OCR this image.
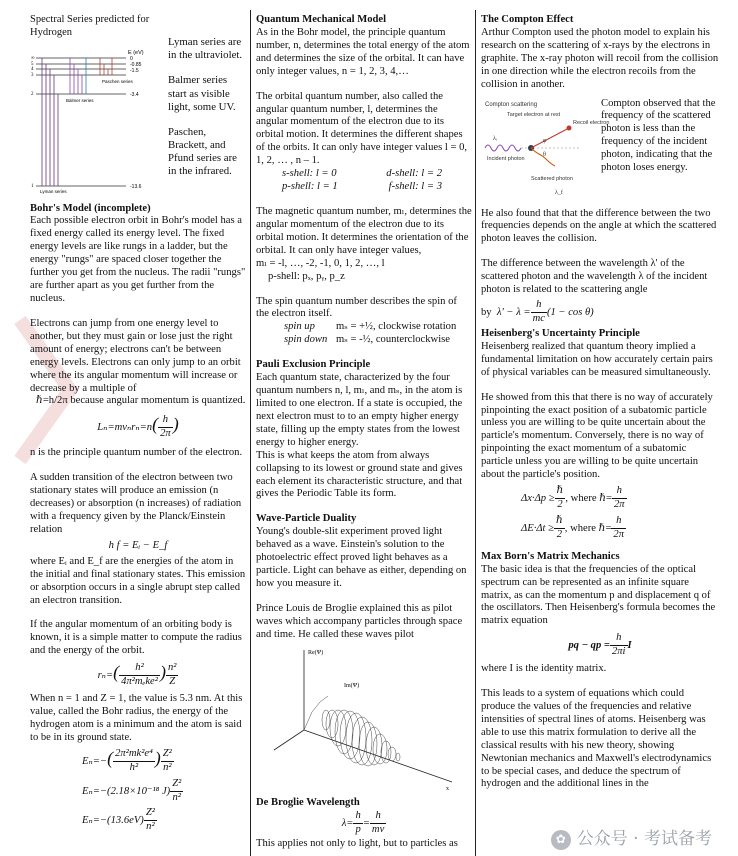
Spectral Series predicted for Hydrogen

E (eV)
0
-0.85
-1.5
-3.4
-13.6
∞
5
4
3
2
1
Paschen series
Balmer series
Lyman series

Lyman series are in the ultraviolet.

Balmer series start as visible light, some UV.

Paschen, Brackett, and Pfund series are in the infrared.

Bohr's Model (incomplete)

Each possible electron orbit in Bohr's model has a fixed energy called its energy level. The fixed energy levels are like rungs in a ladder, but the energy "rungs" are spaced closer together the further you get from the nucleus. The radii "rungs" are further apart as you get further from the nucleus.

Electrons can jump from one energy level to another, but they must gain or lose just the right amount of energy; electrons can't be between energy levels. Electrons can only jump to an orbit where the its angular momentum will increase or decrease by a multiple of

ℏ=h/2π because angular momentum is quantized.

$L_n=mv_nr_n=n( \frac{h}{2\pi}$ )

n is the principle quantum number of the electron.

A sudden transition of the electron between two stationary states will produce an emission (n decreases) or absorption (n increases) of radiation with a frequency given by the Planck/Einstein relation

h f = Eᵢ − E_f

where Eᵢ and E_f are the energies of the atom in the initial and final stationary states. This emission or absorption occurs in a single abrupt step called an electron transition.

If the angular momentum of an orbiting body is known, it is a simple matter to compute the radius and the energy of the orbit.

$r_n=( \frac{\text{h²}}{\text{4π²mₑke²}}$ ) $\frac{\text{n²}}{Z}$

When n = 1 and Z = 1, the value is 5.3 nm. At this value, called the Bohr radius, the energy of the hydrogen atom is a minimum and the atom is said to be in its ground state.

$E_n=-( \frac{\text{2π²mk²e⁴}}{\text{h²}}$ ) $\frac{\text{Z²}}{\text{n²}}$
Eₙ=−(2.18×10⁻¹⁸ $J) \frac{\text{Z²}}{\text{n²}}$
$E_n=-(13.6eV) \frac{\text{Z²}}{\text{n²}}$

Quantum Mechanical Model

As in the Bohr model, the principle quantum number, n, determines the total energy of the atom and determines the size of the orbital. It can have only integer values, n = 1, 2, 3, 4,…

The orbital quantum number, also called the angular quantum number, l, determines the angular momentum of the electron due to its orbital motion. It determines the different shapes of the orbits. It can only have integer values l = 0, 1, 2, … , n – 1.

s-shell: l = 0	d-shell: l = 2
p-shell: l = 1	f-shell: l = 3

The magnetic quantum number, mₗ, determines the angular momentum of the electron due to its orbital motion. It determines the orientation of the orbital. It can only have integer values,

mₗ = -l, …, -2, -1, 0, 1, 2, …, l

p-shell: pₓ, pᵧ, p_z

The spin quantum number describes the spin of the electron itself.

spin up	mₛ = +½, clockwise rotation
spin down mₛ = -½, counterclockwise

Pauli Exclusion Principle

Each quantum state, characterized by the four quantum numbers n, l, mₗ, and mₛ, in the atom is limited to one electron. If a state is occupied, the next electron must to to an empty higher energy state, filling up the empty states from the lowest energy to higher energy.

This is what keeps the atom from always collapsing to its lowest or ground state and gives each element its characteristic structure, and that gives the Periodic Table its form.

Wave-Particle Duality

Young's double-slit experiment proved light behaved as a wave. Einstein's solution to the photoelectric effect proved light behaves as a particle. Light can behave as either, depending on how you measure it.

Prince Louis de Broglie explained this as pilot waves which accompany particles through space and time. He called these waves pilot

Re(Ψ)
Im(Ψ)
x

De Broglie Wavelength

$\lambda= \frac{h}{p} = \frac{h}{mv}$

This applies not only to light, but to particles as

The Compton Effect

Arthur Compton used the photon model to explain his research on the scattering of x-rays by the electrons in graphite. The x-ray photon will recoil from the collision in one direction while the electron recoils from the collision in another.

Compton scattering
Target electron at rest
Recoil electron
Incident photon
Scattered photon
λᵢ
λ_f
θ
φ

Compton observed that the frequency of the scattered photon is less than the frequency of the incident photon, indicating that the photon loses energy.

He also found that that the difference between the two frequencies depends on the angle at which the scattered photon leaves the collision.

The difference between the wavelength λ' of the scattered photon and the wavelength λ of the incident photon is related to the scattering angle

by $\lambda' - \lambda = \frac{h}{mc} (1 - \cos \theta)$

Heisenberg's Uncertainty Principle

Heisenberg realized that quantum theory implied a fundamental limitation on how accurately certain pairs of physical variables can be measured simultaneously.

He showed from this that there is no way of accurately pinpointing the exact position of a subatomic particle unless you are willing to be quite uncertain about the particle's momentum. Conversely, there is no way of pinpointing the exact momentum of a subatomic particle unless you are willing to be quite uncertain about the particle's position.

$\Delta x\cdot\Delta p \ge \frac{\text{ℏ}}{2}$ , where ℏ= $\frac{h}{2\pi}$
$\Delta E\cdot\Delta t \ge \frac{\text{ℏ}}{2}$ , where ℏ= $\frac{h}{2\pi}$

Max Born's Matrix Mechanics

The basic idea is that the frequencies of the optical spectrum can be represented as an infinite square matrix, as can the momentum p and displacement q of the oscillators. Then Heisenberg's formula becomes the matrix equation

pq − qp = $\frac{h}{2\pi i}$ I

where I is the identity matrix.

This leads to a system of equations which could produce the values of the frequencies and relative intensities of spectral lines of atoms. Heisenberg was able to use this matrix formulation to derive all the classical results with his new theory, showing Newtonian mechanics and Maxwell's electrodynamics to be special cases, and deduce the spectrum of hydrogen and the additional lines in the

✿ 公众号 · 考试备考
